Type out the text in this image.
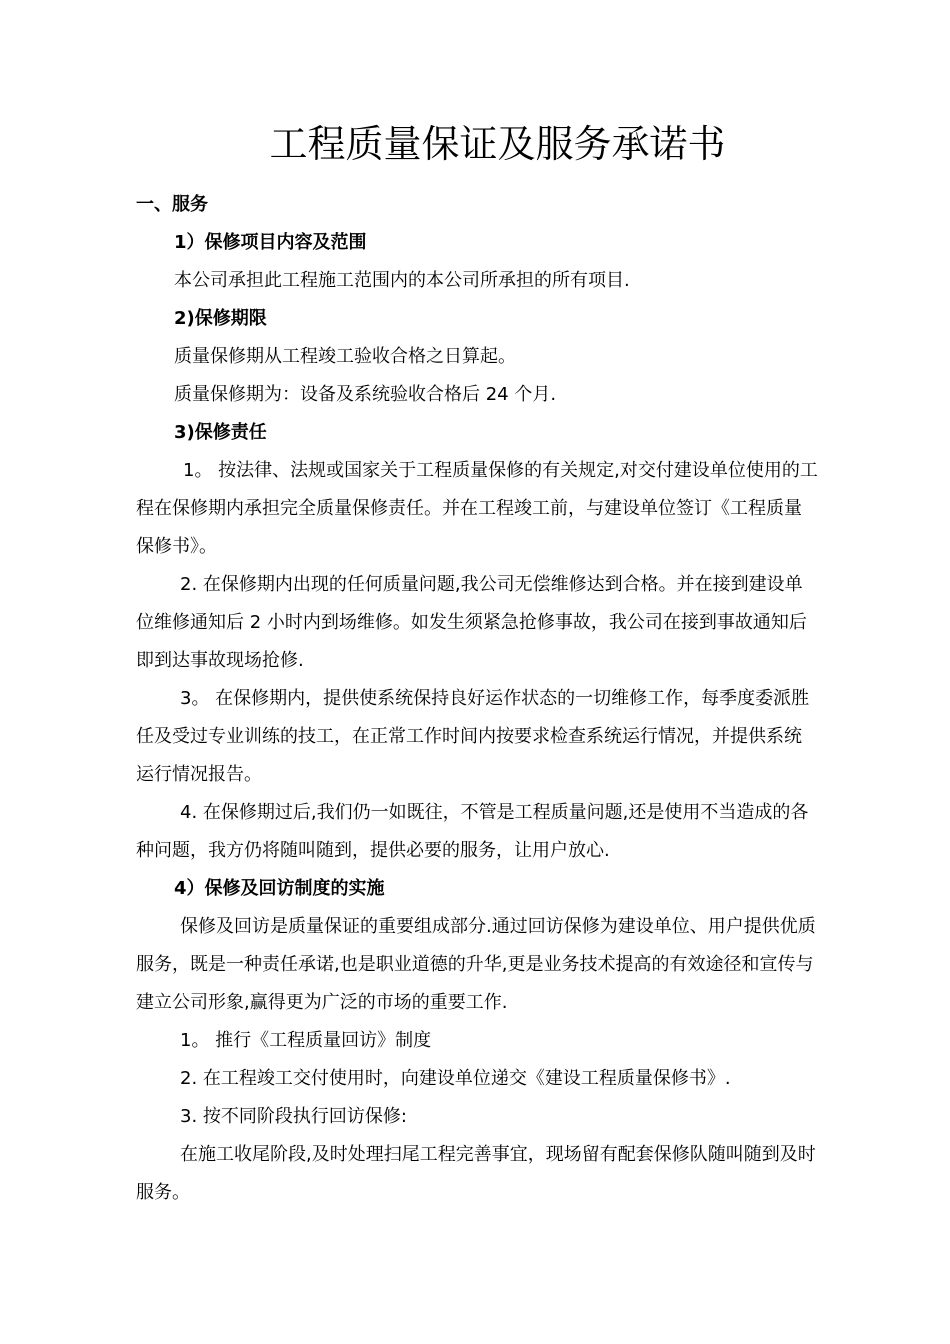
工程质量保证及服务承诺书

一、服务

1）保修项目内容及范围

本公司承担此工程施工范围内的本公司所承担的所有项目.

2)保修期限

质量保修期从工程竣工验收合格之日算起。

质量保修期为：设备及系统验收合格后 24 个月.

3)保修责任

1。 按法律、法规或国家关于工程质量保修的有关规定,对交付建设单位使用的工

程在保修期内承担完全质量保修责任。并在工程竣工前，与建设单位签订《工程质量

保修书》。

2. 在保修期内出现的任何质量问题,我公司无偿维修达到合格。并在接到建设单

位维修通知后 2 小时内到场维修。如发生须紧急抢修事故，我公司在接到事故通知后

即到达事故现场抢修.

3。 在保修期内，提供使系统保持良好运作状态的一切维修工作，每季度委派胜

任及受过专业训练的技工，在正常工作时间内按要求检查系统运行情况，并提供系统

运行情况报告。

4. 在保修期过后,我们仍一如既往，不管是工程质量问题,还是使用不当造成的各

种问题，我方仍将随叫随到，提供必要的服务，让用户放心.

4）保修及回访制度的实施

保修及回访是质量保证的重要组成部分.通过回访保修为建设单位、用户提供优质

服务，既是一种责任承诺,也是职业道德的升华,更是业务技术提高的有效途径和宣传与

建立公司形象,赢得更为广泛的市场的重要工作.

1。 推行《工程质量回访》制度

2. 在工程竣工交付使用时，向建设单位递交《建设工程质量保修书》.

3. 按不同阶段执行回访保修:

在施工收尾阶段,及时处理扫尾工程完善事宜，现场留有配套保修队随叫随到及时

服务。
